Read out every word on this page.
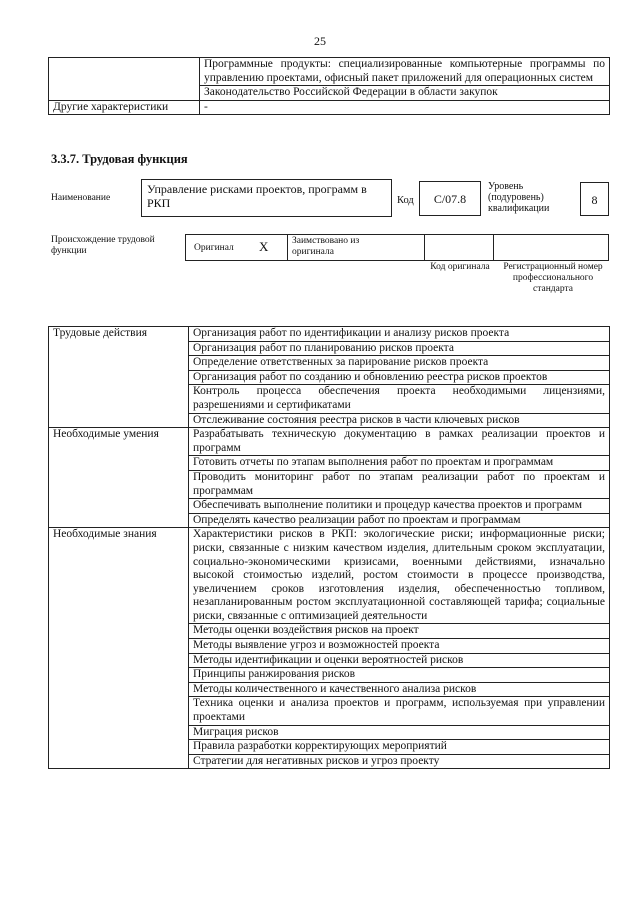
25
	Программные продукты: специализированные компьютерные программы по управлению проектами, офисный пакет приложений для операционных систем
	Законодательство Российской Федерации в области закупок
Другие характеристики	-
3.3.7. Трудовая функция
Наименование
Управление рисками проектов, программ в РКП	Код	C/07.8
Уровень (подуровень) квалификации
8
Происхождение трудовой функции	Оригинал X Заимствовано из оригинала
Код оригинала Регистрационный номер профессионального стандарта
Трудовые действия	Организация работ по идентификации и анализу рисков проекта
	Организация работ по планированию рисков проекта
	Определение ответственных за парирование рисков проекта
	Организация работ по созданию и обновлению реестра рисков проектов
	Контроль процесса обеспечения проекта необходимыми лицензиями, разрешениями и сертификатами
	Отслеживание состояния реестра рисков в части ключевых рисков
Необходимые умения	Разрабатывать техническую документацию в рамках реализации проектов и программ
	Готовить отчеты по этапам выполнения работ по проектам и программам
	Проводить мониторинг работ по этапам реализации работ по проектам и программам
	Обеспечивать выполнение политики и процедур качества проектов и программ
	Определять качество реализации работ по проектам и программам
Необходимые знания	Характеристики рисков в РКП: экологические риски; информационные риски; риски, связанные с низким качеством изделия, длительным сроком эксплуатации, социально-экономическими кризисами, военными действиями, изначально высокой стоимостью изделий, ростом стоимости в процессе производства, увеличением сроков изготовления изделия, обеспеченностью топливом, незапланированным ростом эксплуатационной составляющей тарифа; социальные риски, связанные с оптимизацией деятельности
	Методы оценки воздействия рисков на проект
	Методы выявление угроз и возможностей проекта
	Методы идентификации и оценки вероятностей рисков
	Принципы ранжирования рисков
	Методы количественного и качественного анализа рисков
	Техника оценки и анализа проектов и программ, используемая при управлении проектами
	Миграция рисков
	Правила разработки корректирующих мероприятий
	Стратегии для негативных рисков и угроз проекту
